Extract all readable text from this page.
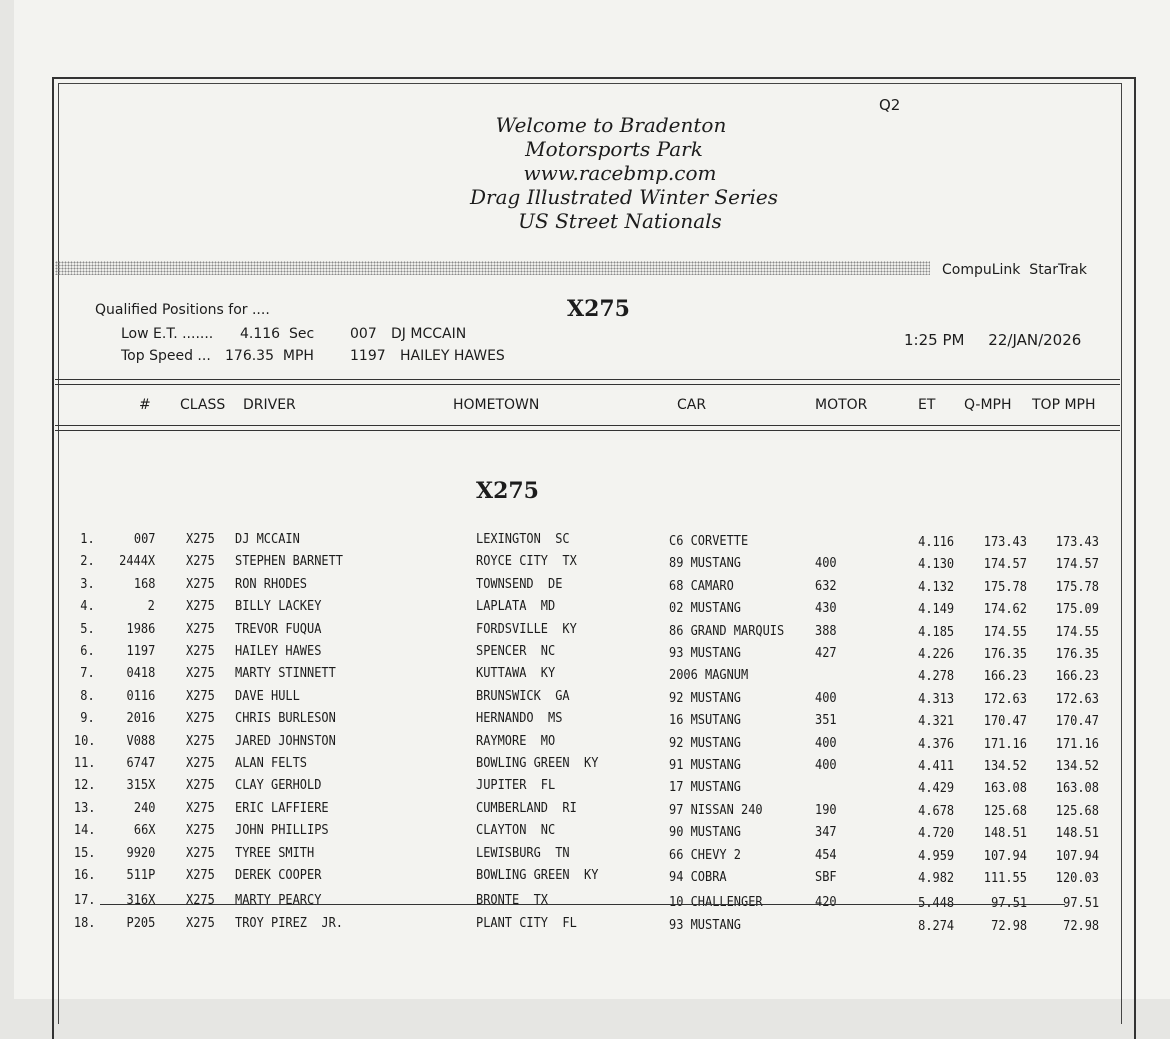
Q2
Welcome to Bradenton
Motorsports Park
www.racebmp.com
Drag Illustrated Winter Series
US Street Nationals
CompuLink  StarTrak
Qualified Positions for ....
Low E.T. ....... 4.116  Sec	007 DJ MCCAIN
Top Speed ... 176.35  MPH	1197 HAILEY HAWES
X275
1:25 PM 22/JAN/2026
# CLASS DRIVER	HOMETOWN	CAR	MOTOR	ET Q-MPH TOP MPH
X275
1.	007 X275 DJ MCCAIN	LEXINGTON  SC	C6 CORVETTE	4.116 173.43 173.43
2. 2444X X275 STEPHEN BARNETT	ROYCE CITY  TX	89 MUSTANG	400	4.130 174.57 174.57
3.	168 X275 RON RHODES	TOWNSEND  DE	68 CAMARO	632	4.132 175.78 175.78
4.	2 X275 BILLY LACKEY	LAPLATA  MD	02 MUSTANG	430	4.149 174.62 175.09
5. 1986 X275 TREVOR FUQUA	FORDSVILLE  KY	86 GRAND MARQUIS 388	4.185 174.55 174.55
6. 1197 X275 HAILEY HAWES	SPENCER  NC	93 MUSTANG	427	4.226 176.35 176.35
7. 0418 X275 MARTY STINNETT	KUTTAWA  KY	2006 MAGNUM	4.278 166.23 166.23
8. 0116 X275 DAVE HULL	BRUNSWICK  GA	92 MUSTANG	400	4.313 172.63 172.63
9. 2016 X275 CHRIS BURLESON	HERNANDO  MS	16 MSUTANG	351	4.321 170.47 170.47
10. V088 X275 JARED JOHNSTON	RAYMORE  MO	92 MUSTANG	400	4.376 171.16 171.16
11. 6747 X275 ALAN FELTS	BOWLING GREEN  KY	91 MUSTANG	400	4.411 134.52 134.52
12. 315X X275 CLAY GERHOLD	JUPITER  FL	17 MUSTANG	4.429 163.08 163.08
13.	240 X275 ERIC LAFFIERE	CUMBERLAND  RI	97 NISSAN 240	190	4.678 125.68 125.68
14.	66X X275 JOHN PHILLIPS	CLAYTON  NC	90 MUSTANG	347	4.720 148.51 148.51
15. 9920 X275 TYREE SMITH	LEWISBURG  TN	66 CHEVY 2	454	4.959 107.94 107.94
16. 511P X275 DEREK COOPER	BOWLING GREEN  KY	94 COBRA	SBF	4.982 111.55 120.03
17. 316X X275 MARTY PEARCY	BRONTE  TX	10 CHALLENGER	420	5.448	97.51	97.51
18. P205 X275 TROY PIREZ  JR.	PLANT CITY  FL	93 MUSTANG	8.274	72.98	72.98
